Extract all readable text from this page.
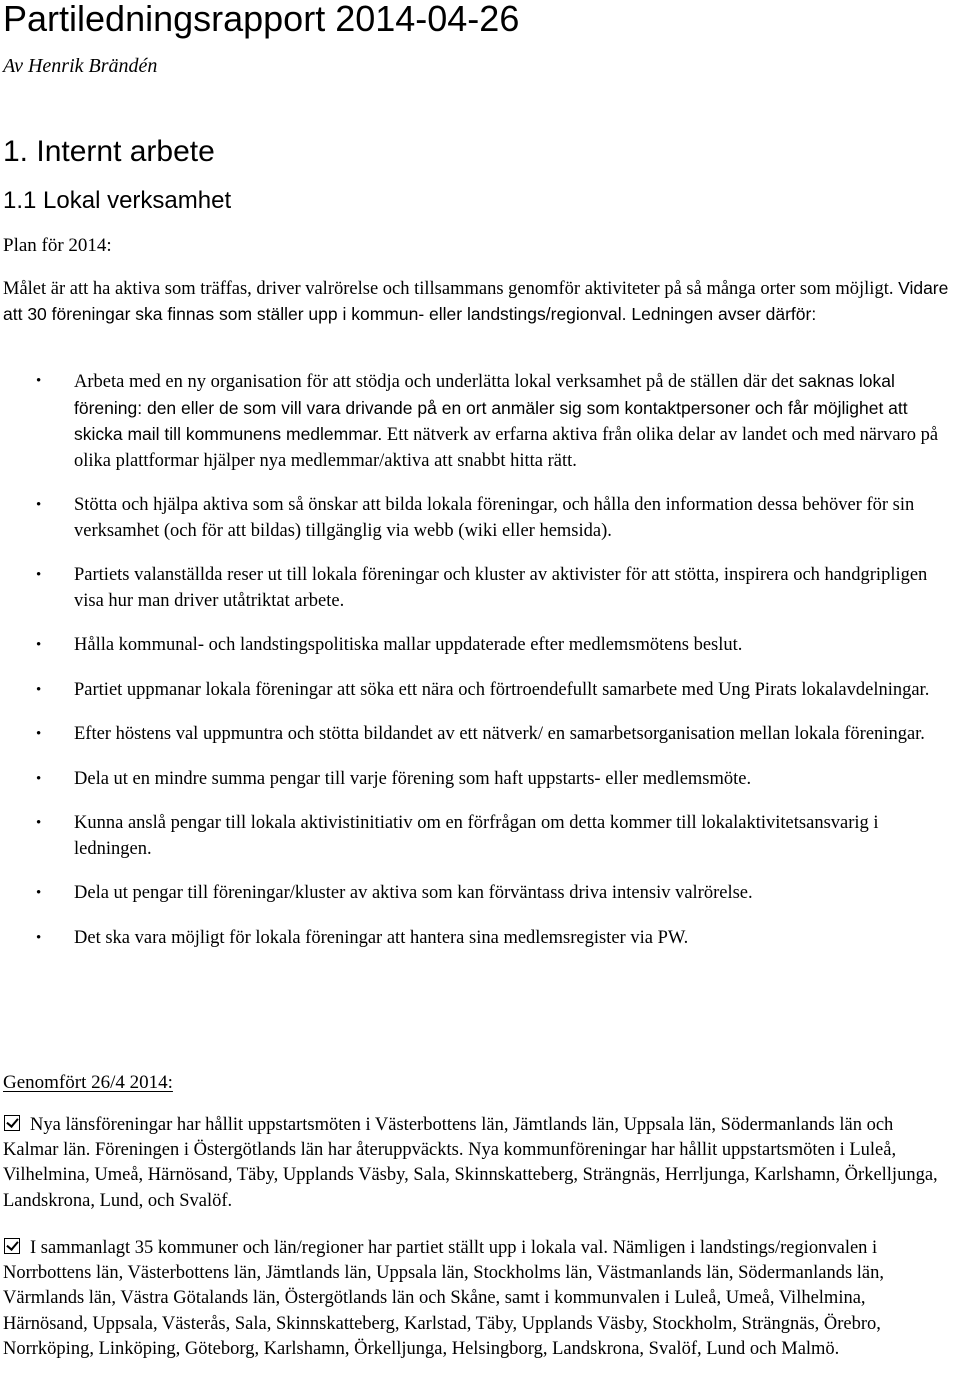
Partiledningsrapport 2014-04-26
Av Henrik Brändén
1. Internt arbete
1.1 Lokal verksamhet
Plan för 2014:

Målet är att ha aktiva som träffas, driver valrörelse och tillsammans genomför aktiviteter på så många orter som möjligt. Vidare att 30 föreningar ska finnas som ställer upp i kommun- eller landstings/regionval. Ledningen avser därför:

• Arbeta med en ny organisation för att stödja och underlätta lokal verksamhet på de ställen där det saknas lokal förening: den eller de som vill vara drivande på en ort anmäler sig som kontaktpersoner och får möjlighet att skicka mail till kommunens medlemmar. Ett nätverk av erfarna aktiva från olika delar av landet och med närvaro på olika plattformar hjälper nya medlemmar/aktiva att snabbt hitta rätt.
• Stötta och hjälpa aktiva som så önskar att bilda lokala föreningar, och hålla den information dessa behöver för sin verksamhet (och för att bildas) tillgänglig via webb (wiki eller hemsida).
• Partiets valanställda reser ut till lokala föreningar och kluster av aktivister för att stötta, inspirera och handgripligen visa hur man driver utåtriktat arbete.
• Hålla kommunal- och landstingspolitiska mallar uppdaterade efter medlemsmötens beslut.
• Partiet uppmanar lokala föreningar att söka ett nära och förtroendefullt samarbete med Ung Pirats lokalavdelningar.
• Efter höstens val uppmuntra och stötta bildandet av ett nätverk/ en samarbetsorganisation mellan lokala föreningar.
• Dela ut en mindre summa pengar till varje förening som haft uppstarts- eller medlemsmöte.
• Kunna anslå pengar till lokala aktivistinitiativ om en förfrågan om detta kommer till lokalaktivitetsansvarig i ledningen.
• Dela ut pengar till föreningar/kluster av aktiva som kan förväntass driva intensiv valrörelse.
• Det ska vara möjligt för lokala föreningar att hantera sina medlemsregister via PW.
Genomfört 26/4 2014:

Nya länsföreningar har hållit uppstartsmöten i Västerbottens län, Jämtlands län, Uppsala län, Södermanlands län och Kalmar län. Föreningen i Östergötlands län har återuppväckts. Nya kommunföreningar har hållit uppstartsmöten i Luleå, Vilhelmina, Umeå, Härnösand, Täby, Upplands Väsby, Sala, Skinnskatteberg, Strängnäs, Herrljunga, Karlshamn, Örkelljunga, Landskrona, Lund, och Svalöf.

I sammanlagt 35 kommuner och län/regioner har partiet ställt upp i lokala val. Nämligen i landstings/regionvalen i Norrbottens län, Västerbottens län, Jämtlands län, Uppsala län, Stockholms län, Västmanlands län, Södermanlands län, Värmlands län, Västra Götalands län, Östergötlands län och Skåne, samt i kommunvalen i Luleå, Umeå, Vilhelmina, Härnösand, Uppsala, Västerås, Sala, Skinnskatteberg, Karlstad, Täby, Upplands Väsby, Stockholm, Strängnäs, Örebro, Norrköping, Linköping, Göteborg, Karlshamn, Örkelljunga, Helsingborg, Landskrona, Svalöf, Lund och Malmö.
